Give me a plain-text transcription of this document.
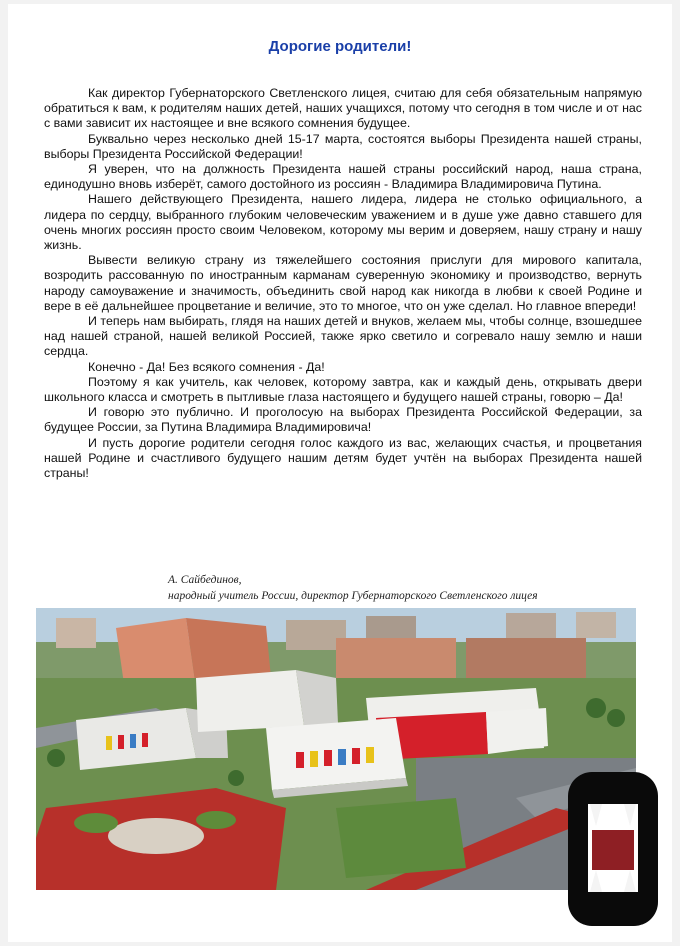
Дорогие родители!

Как директор Губернаторского Светленского лицея, считаю для себя обязательным напрямую обратиться к вам, к родителям наших детей, наших учащихся, потому что сегодня в том числе и от нас с вами зависит их настоящее и вне всякого сомнения будущее.

Буквально через несколько дней 15-17 марта, состоятся выборы Президента нашей страны, выборы Президента Российской Федерации!

Я уверен, что на должность Президента нашей страны российский народ, наша страна, единодушно вновь изберёт, самого достойного из россиян - Владимира Владимировича Путина.

Нашего действующего Президента, нашего лидера, лидера не столько официального, а лидера по сердцу, выбранного глубоким человеческим уважением и в душе уже давно ставшего для очень многих россиян просто своим Человеком, которому мы верим и доверяем, нашу страну и нашу жизнь.

Вывести великую страну из тяжелейшего состояния прислуги для мирового капитала, возродить рассованную по иностранным карманам суверенную экономику и производство, вернуть народу самоуважение и значимость, объединить свой народ как никогда в любви к своей Родине и вере в её дальнейшее процветание и величие, это то многое, что он уже сделал. Но главное впереди!

И теперь нам выбирать, глядя на наших детей и внуков, желаем мы, чтобы солнце, взошедшее над нашей страной, нашей великой Россией, также ярко светило и согревало нашу землю и наши сердца.

Конечно - Да! Без всякого сомнения - Да!

Поэтому я как учитель, как человек, которому завтра, как и каждый день, открывать двери школьного класса и смотреть в пытливые глаза настоящего и будущего нашей страны, говорю – Да!

И говорю это публично. И проголосую на выборах Президента Российской Федерации, за будущее России, за Путина Владимира Владимировича!

И пусть дорогие родители сегодня голос каждого из вас, желающих счастья, и процветания нашей Родине и счастливого будущего нашим детям будет учтён на выборах Президента нашей страны!

А. Сайбединов,
народный учитель России, директор Губернаторского Светленского лицея
